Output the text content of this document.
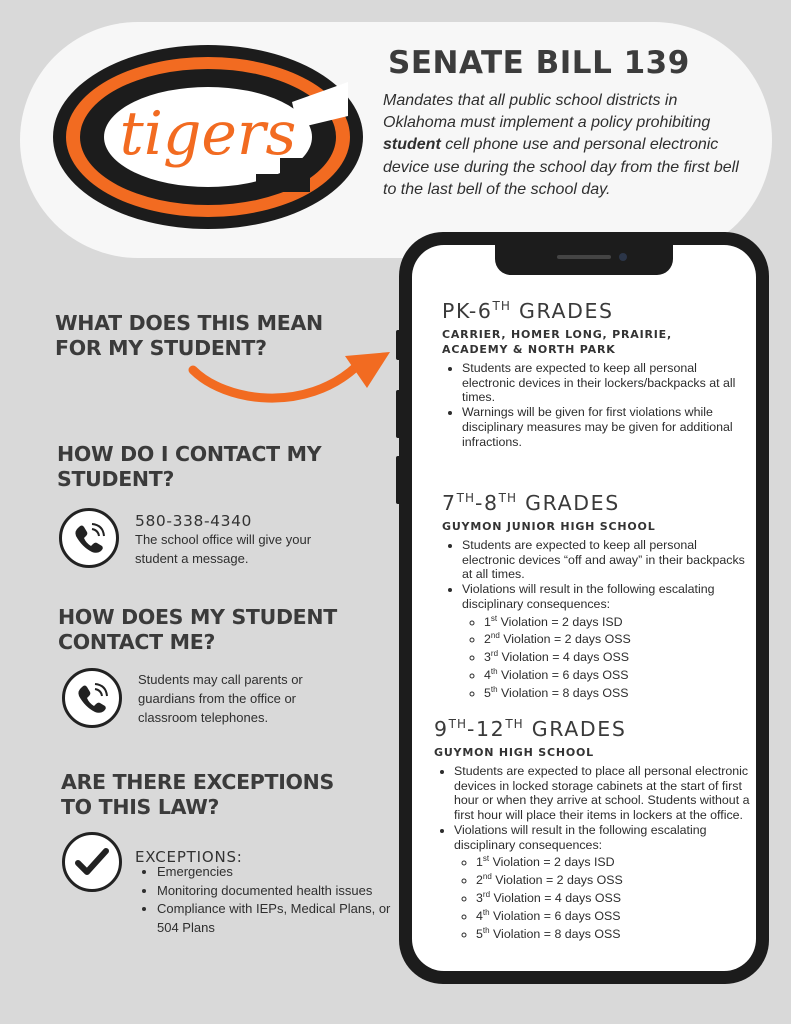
tigers
SENATE BILL 139

Mandates that all public school districts in Oklahoma must implement a policy prohibiting student cell phone use and personal electronic device use during the school day from the first bell to the last bell of the school day.

WHAT DOES THIS MEAN
FOR MY STUDENT?
HOW DO I CONTACT MY
STUDENT?

580-338-4340

The school office will give your
student a message.

HOW DOES MY STUDENT
CONTACT ME?

Students may call parents or
guardians from the office or
classroom telephones.

ARE THERE EXCEPTIONS
TO THIS LAW?

EXCEPTIONS:

• Emergencies
• Monitoring documented health issues
• Compliance with IEPs, Medical Plans, or 504 Plans
PK-6TH GRADES

CARRIER, HOMER LONG, PRAIRIE,
ACADEMY & NORTH PARK

• Students are expected to keep all personal electronic devices in their lockers/backpacks at all times.
• Warnings will be given for first violations while disciplinary measures may be given for additional infractions.
7TH-8TH GRADES

GUYMON JUNIOR HIGH SCHOOL

• Students are expected to keep all personal electronic devices “off and away” in their backpacks at all times.
• Violations will result in the following escalating disciplinary consequences:
◦ 1st Violation = 2 days ISD
◦ 2nd Violation = 2 days OSS
◦ 3rd Violation = 4 days OSS
◦ 4th Violation = 6 days OSS
◦ 5th Violation = 8 days OSS
9TH-12TH GRADES

GUYMON HIGH SCHOOL

• Students are expected to place all personal electronic devices in locked storage cabinets at the start of first hour or when they arrive at school. Students without a first hour will place their items in lockers at the office.
• Violations will result in the following escalating disciplinary consequences:
◦ 1st Violation = 2 days ISD
◦ 2nd Violation = 2 days OSS
◦ 3rd Violation = 4 days OSS
◦ 4th Violation = 6 days OSS
◦ 5th Violation = 8 days OSS
